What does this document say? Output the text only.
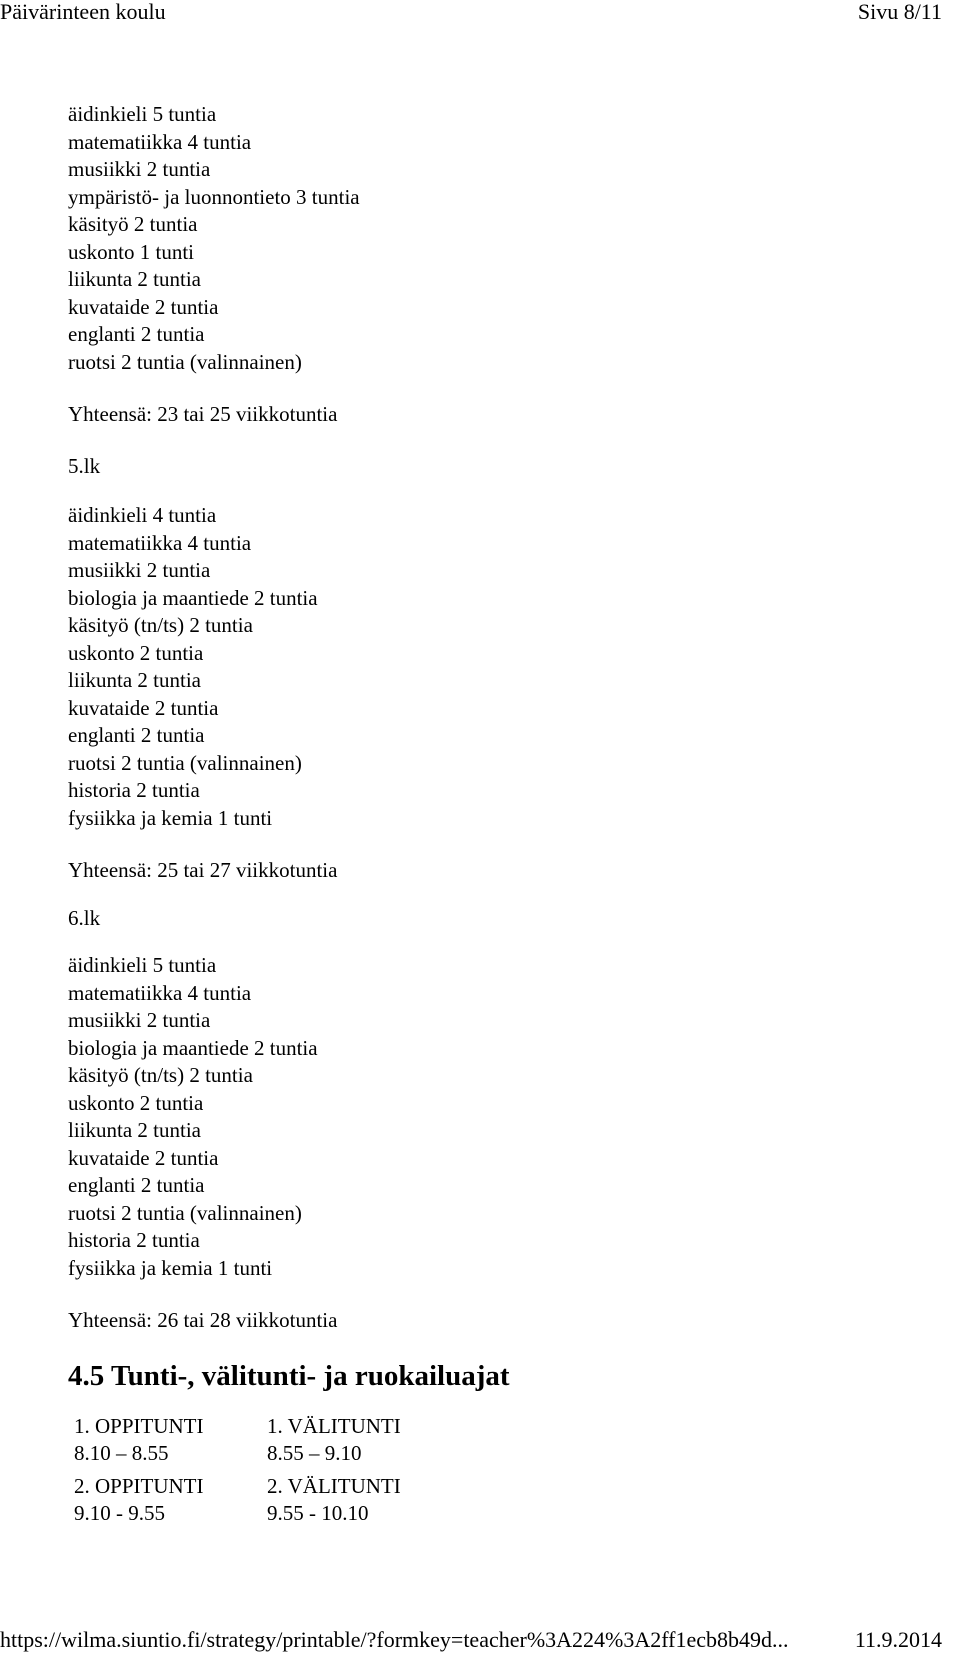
Päivärinteen koulu	Sivu 8/11

äidinkieli 5 tuntia

matematiikka 4 tuntia

musiikki 2 tuntia

ympäristö- ja luonnontieto 3 tuntia

käsityö 2 tuntia

uskonto 1 tunti

liikunta 2 tuntia

kuvataide 2 tuntia

englanti 2 tuntia

ruotsi 2 tuntia (valinnainen)

Yhteensä: 23 tai 25 viikkotuntia

5.lk

äidinkieli 4 tuntia

matematiikka 4 tuntia

musiikki 2 tuntia

biologia ja maantiede 2 tuntia

käsityö (tn/ts) 2 tuntia

uskonto 2 tuntia

liikunta 2 tuntia

kuvataide 2 tuntia

englanti 2 tuntia

ruotsi 2 tuntia (valinnainen)

historia 2 tuntia

fysiikka ja kemia 1 tunti

Yhteensä: 25 tai 27 viikkotuntia

6.lk

äidinkieli 5 tuntia

matematiikka 4 tuntia

musiikki 2 tuntia

biologia ja maantiede 2 tuntia

käsityö (tn/ts) 2 tuntia

uskonto 2 tuntia

liikunta 2 tuntia

kuvataide 2 tuntia

englanti 2 tuntia

ruotsi 2 tuntia (valinnainen)

historia 2 tuntia

fysiikka ja kemia 1 tunti

Yhteensä: 26 tai 28 viikkotuntia

4.5 Tunti-, välitunti- ja ruokailuajat

1. OPPITUNTI	1. VÄLITUNTI
8.10 – 8.55	8.55 – 9.10
2. OPPITUNTI	2. VÄLITUNTI
9.10 - 9.55	9.55 - 10.10
https://wilma.siuntio.fi/strategy/printable/?formkey=teacher%3A224%3A2ff1ecb8b49d...	11.9.2014
